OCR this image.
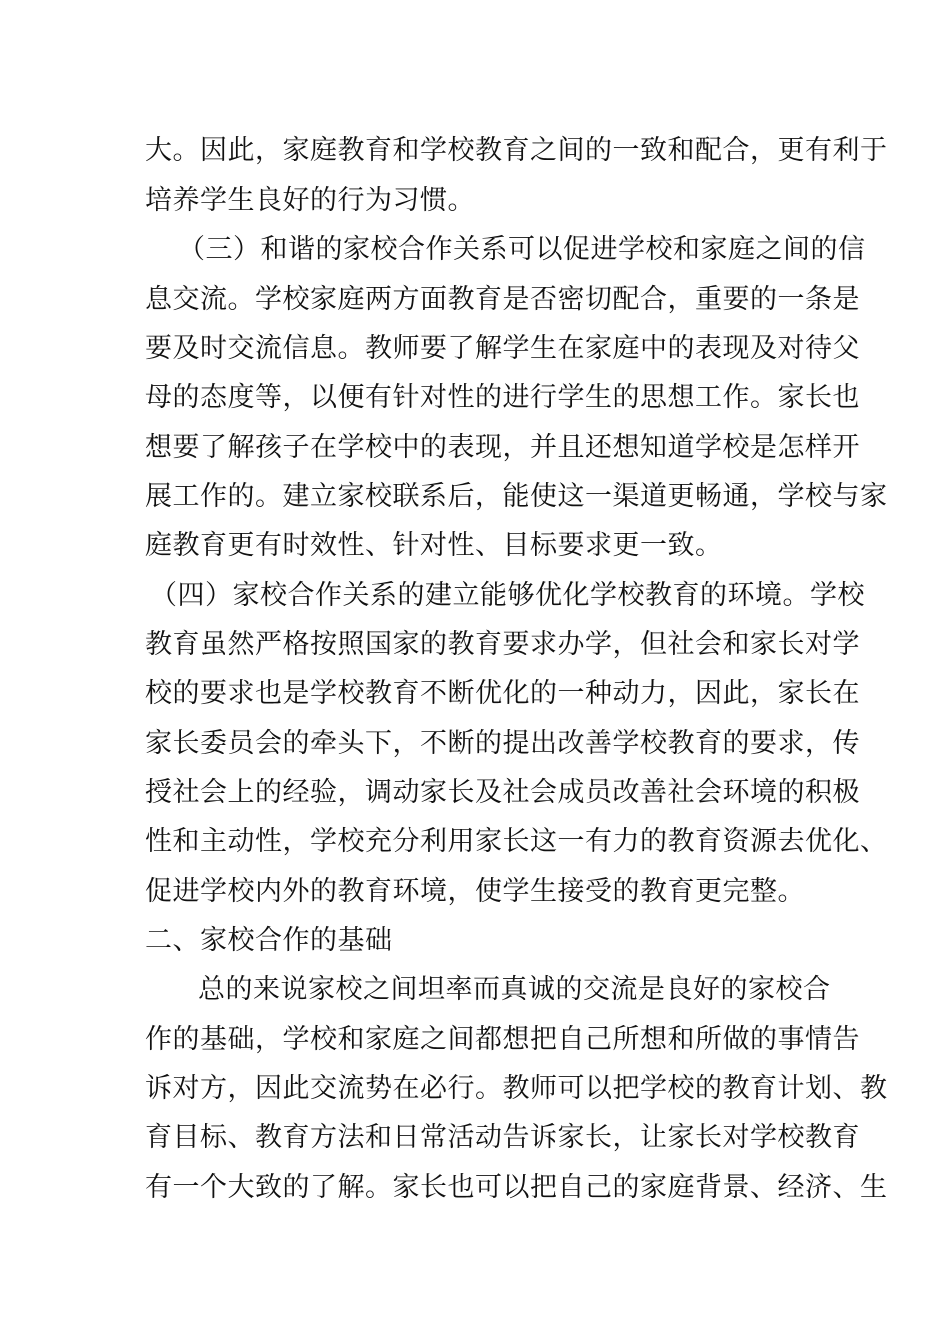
大。因此，家庭教育和学校教育之间的一致和配合，更有利于
培养学生良好的行为习惯。
（三）和谐的家校合作关系可以促进学校和家庭之间的信
息交流。学校家庭两方面教育是否密切配合，重要的一条是
要及时交流信息。教师要了解学生在家庭中的表现及对待父
母的态度等，以便有针对性的进行学生的思想工作。家长也
想要了解孩子在学校中的表现，并且还想知道学校是怎样开
展工作的。建立家校联系后，能使这一渠道更畅通，学校与家
庭教育更有时效性、针对性、目标要求更一致。
（四）家校合作关系的建立能够优化学校教育的环境。学校
教育虽然严格按照国家的教育要求办学，但社会和家长对学
校的要求也是学校教育不断优化的一种动力，因此，家长在
家长委员会的牵头下，不断的提出改善学校教育的要求，传
授社会上的经验，调动家长及社会成员改善社会环境的积极
性和主动性，学校充分利用家长这一有力的教育资源去优化、
促进学校内外的教育环境，使学生接受的教育更完整。
二、家校合作的基础
总的来说家校之间坦率而真诚的交流是良好的家校合
作的基础，学校和家庭之间都想把自己所想和所做的事情告
诉对方，因此交流势在必行。教师可以把学校的教育计划、教
育目标、教育方法和日常活动告诉家长，让家长对学校教育
有一个大致的了解。家长也可以把自己的家庭背景、经济、生
